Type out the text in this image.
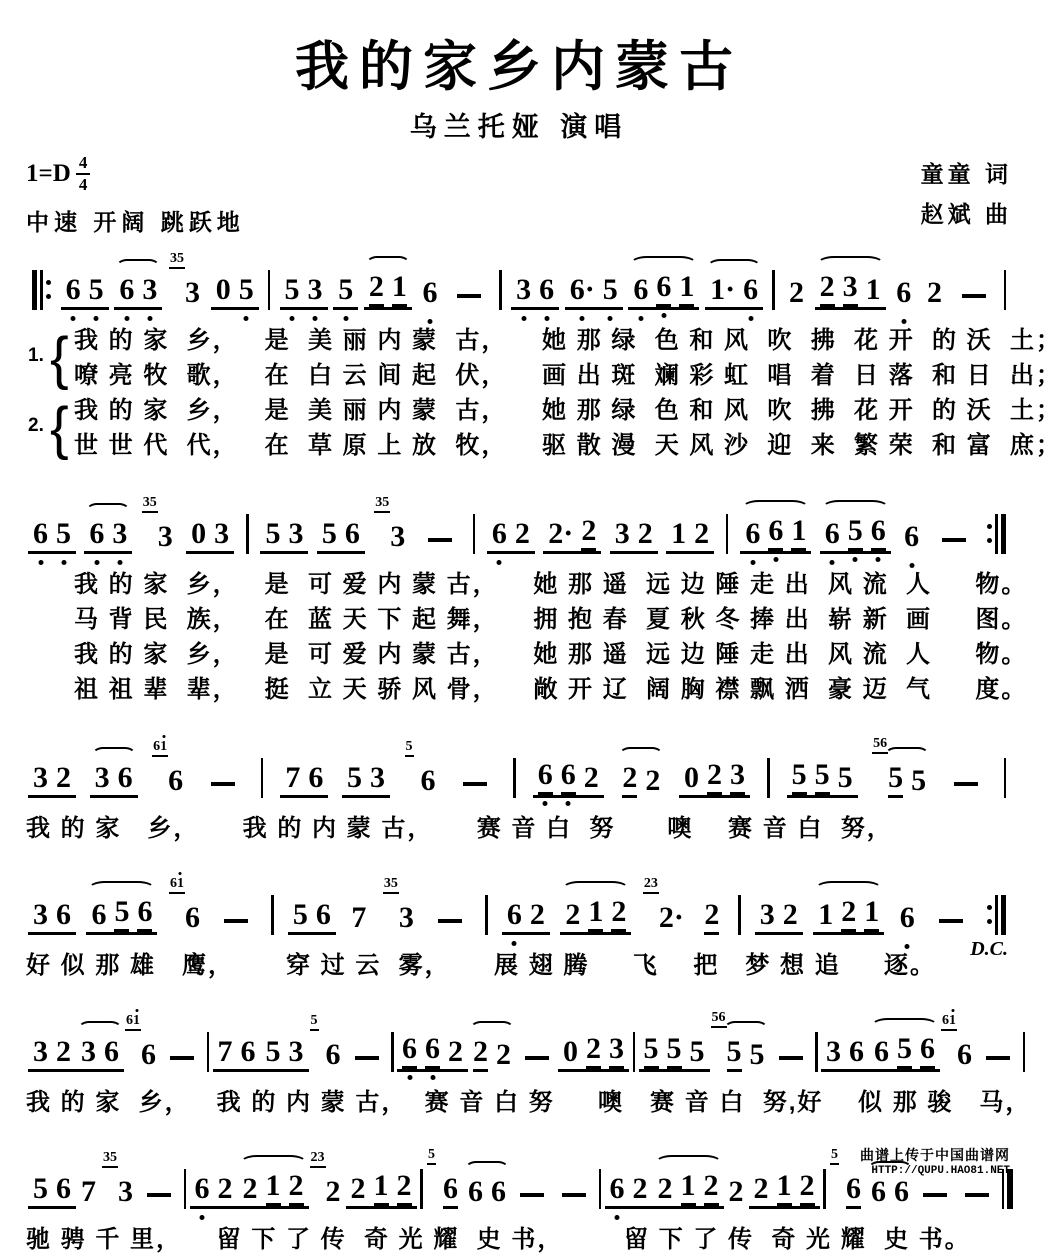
我的家乡内蒙古
乌兰托娅 演唱
$1=D \frac{4}{4}$
中速 开阔 跳跃地
童童 词
赵斌 曲
6 5 6 3 3
35
0 5 5 3 5 2 1 6	3 6 6· 5 6 6 1 1· 6 2 2 3 1 6 2
1. {
2. {
我 的 家  乡，   是  美 丽 内 蒙  古，    她 那 绿  色 和 风  吹  拂  花 开  的 沃  土；
嘹 亮 牧  歌，   在  白 云 间 起  伏，    画 出 斑  斓 彩 虹  唱  着  日 落  和 日  出；
我 的 家  乡，   是  美 丽 内 蒙  古，    她 那 绿  色 和 风  吹  拂  花 开  的 沃  土；
世 世 代  代，   在  草 原 上 放  牧，    驱 散 漫  天 风 沙  迎  来  繁 荣  和 富  庶；
6 5 6 3 3
35
0 3 5 3 5 6 3
35
6 2 2· 2 3 2 1 2 6 6 1 6 5 6 6
我 的 家  乡，   是  可 爱 内 蒙 古，    她 那 遥  远 边 陲 走 出  风 流  人     物。
马 背 民  族，   在  蓝 天 下 起 舞，    拥 抱 春  夏 秋 冬 捧 出  崭 新  画     图。
我 的 家  乡，   是  可 爱 内 蒙 古，    她 那 遥  远 边 陲 走 出  风 流  人     物。
祖 祖 辈  辈，   挺  立 天 骄 风 骨，    敞 开 辽  阔 胸 襟 飘 洒  豪 迈  气     度。
3 2 3 6 6
61
7 6 5 3 6
5
6 6 2 2 2 0 2 3 5 5 5 5 5
56
我 的 家   乡，     我 的 内 蒙 古，     赛 音 白  努      噢    赛 音 白  努，
3 6 6 5 6 6
61
5 6 7 3
35
6 2 2 1 2 2·
23
2 3 2 1 2 1 6
D.C.
好 似 那 雄   鹰，      穿 过 云  雾，     展 翅 腾     飞    把   梦 想 追     逐。
3 2 3 6 6
61
7 6 5 3 6
5
6 6 2 2 2 0 2 3 5 5 5 5 5
56
3 6 6 5 6 6
61
我 的 家  乡，   我 的 内 蒙 古，  赛 音 白 努     噢   赛 音 白  努,好    似 那 骏   马，
5 6 7 3
35
6 2 2 1 2 2
23
2 1 2 6
5
6 6	6 2 2 1 2 2 2 1 2 6
5
6 6
驰 骋 千 里，    留 下 了 传  奇 光 耀  史 书，       留 下 了 传  奇 光 耀  史 书。
曲谱上传于中国曲谱网
HTTP://QUPU.HAO81.NET
